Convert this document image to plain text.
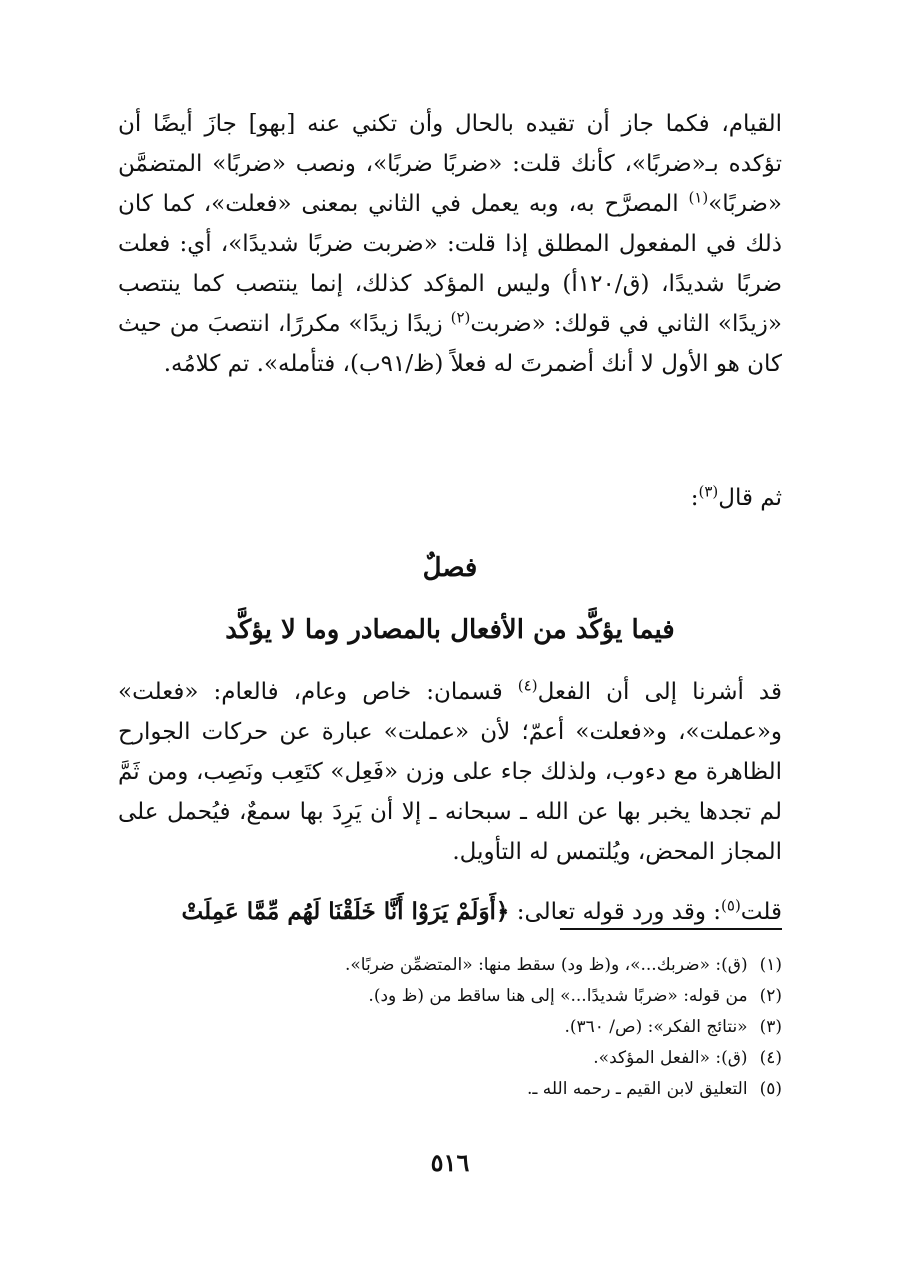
القيام، فكما جاز أن تقيده بالحال وأن تكني عنه [بهو] جازَ أيضًا أن تؤكده بـ«ضربًا»، كأنك قلت: «ضربًا ضربًا»، ونصب «ضربًا» المتضمَّن «ضربًا»$^{(١)}$ المصرَّح به، وبه يعمل في الثاني بمعنى «فعلت»، كما كان ذلك في المفعول المطلق إذا قلت: «ضربت ضربًا شديدًا»، أي: فعلت ضربًا شديدًا، (ق/١٢٠أ) وليس المؤكد كذلك، إنما ينتصب كما ينتصب «زيدًا» الثاني في قولك: «ضربت$^{(٢)}$ زيدًا زيدًا» مكررًا، انتصبَ من حيث كان هو الأول لا أنك أضمرتَ له فعلاً (ظ/٩١ب)، فتأمله». تم كلامُه.

ثم قال$^{(٣)}$:

فصلٌ
فيما يؤكَّد من الأفعال بالمصادر وما لا يؤكَّد

قد أشرنا إلى أن الفعل$^{(٤)}$ قسمان: خاص وعام، فالعام: «فعلت» و«عملت»، و«فعلت» أعمّ؛ لأن «عملت» عبارة عن حركات الجوارح الظاهرة مع دءوب، ولذلك جاء على وزن «فَعِل» كتَعِب ونَصِب، ومن ثَمَّ لم تجدها يخبر بها عن الله ـ سبحانه ـ إلا أن يَرِدَ بها سمعٌ، فيُحمل على المجاز المحض، ويُلتمس له التأويل.

قلت$^{(٥)}$: وقد ورد قوله تعالى: ﴿أَوَلَمْ يَرَوْا أَنَّا خَلَقْنَا لَهُم مِّمَّا عَمِلَتْ

(١)(ق): «ضربك...»، و(ظ ود) سقط منها: «المتضمِّن ضربًا».
(٢)من قوله: «ضربًا شديدًا...» إلى هنا ساقط من (ظ ود).
(٣)«نتائج الفكر»: (ص/ ٣٦٠).
(٤)(ق): «الفعل المؤكد».
(٥)التعليق لابن القيم ـ رحمه الله ـ.
٥١٦
